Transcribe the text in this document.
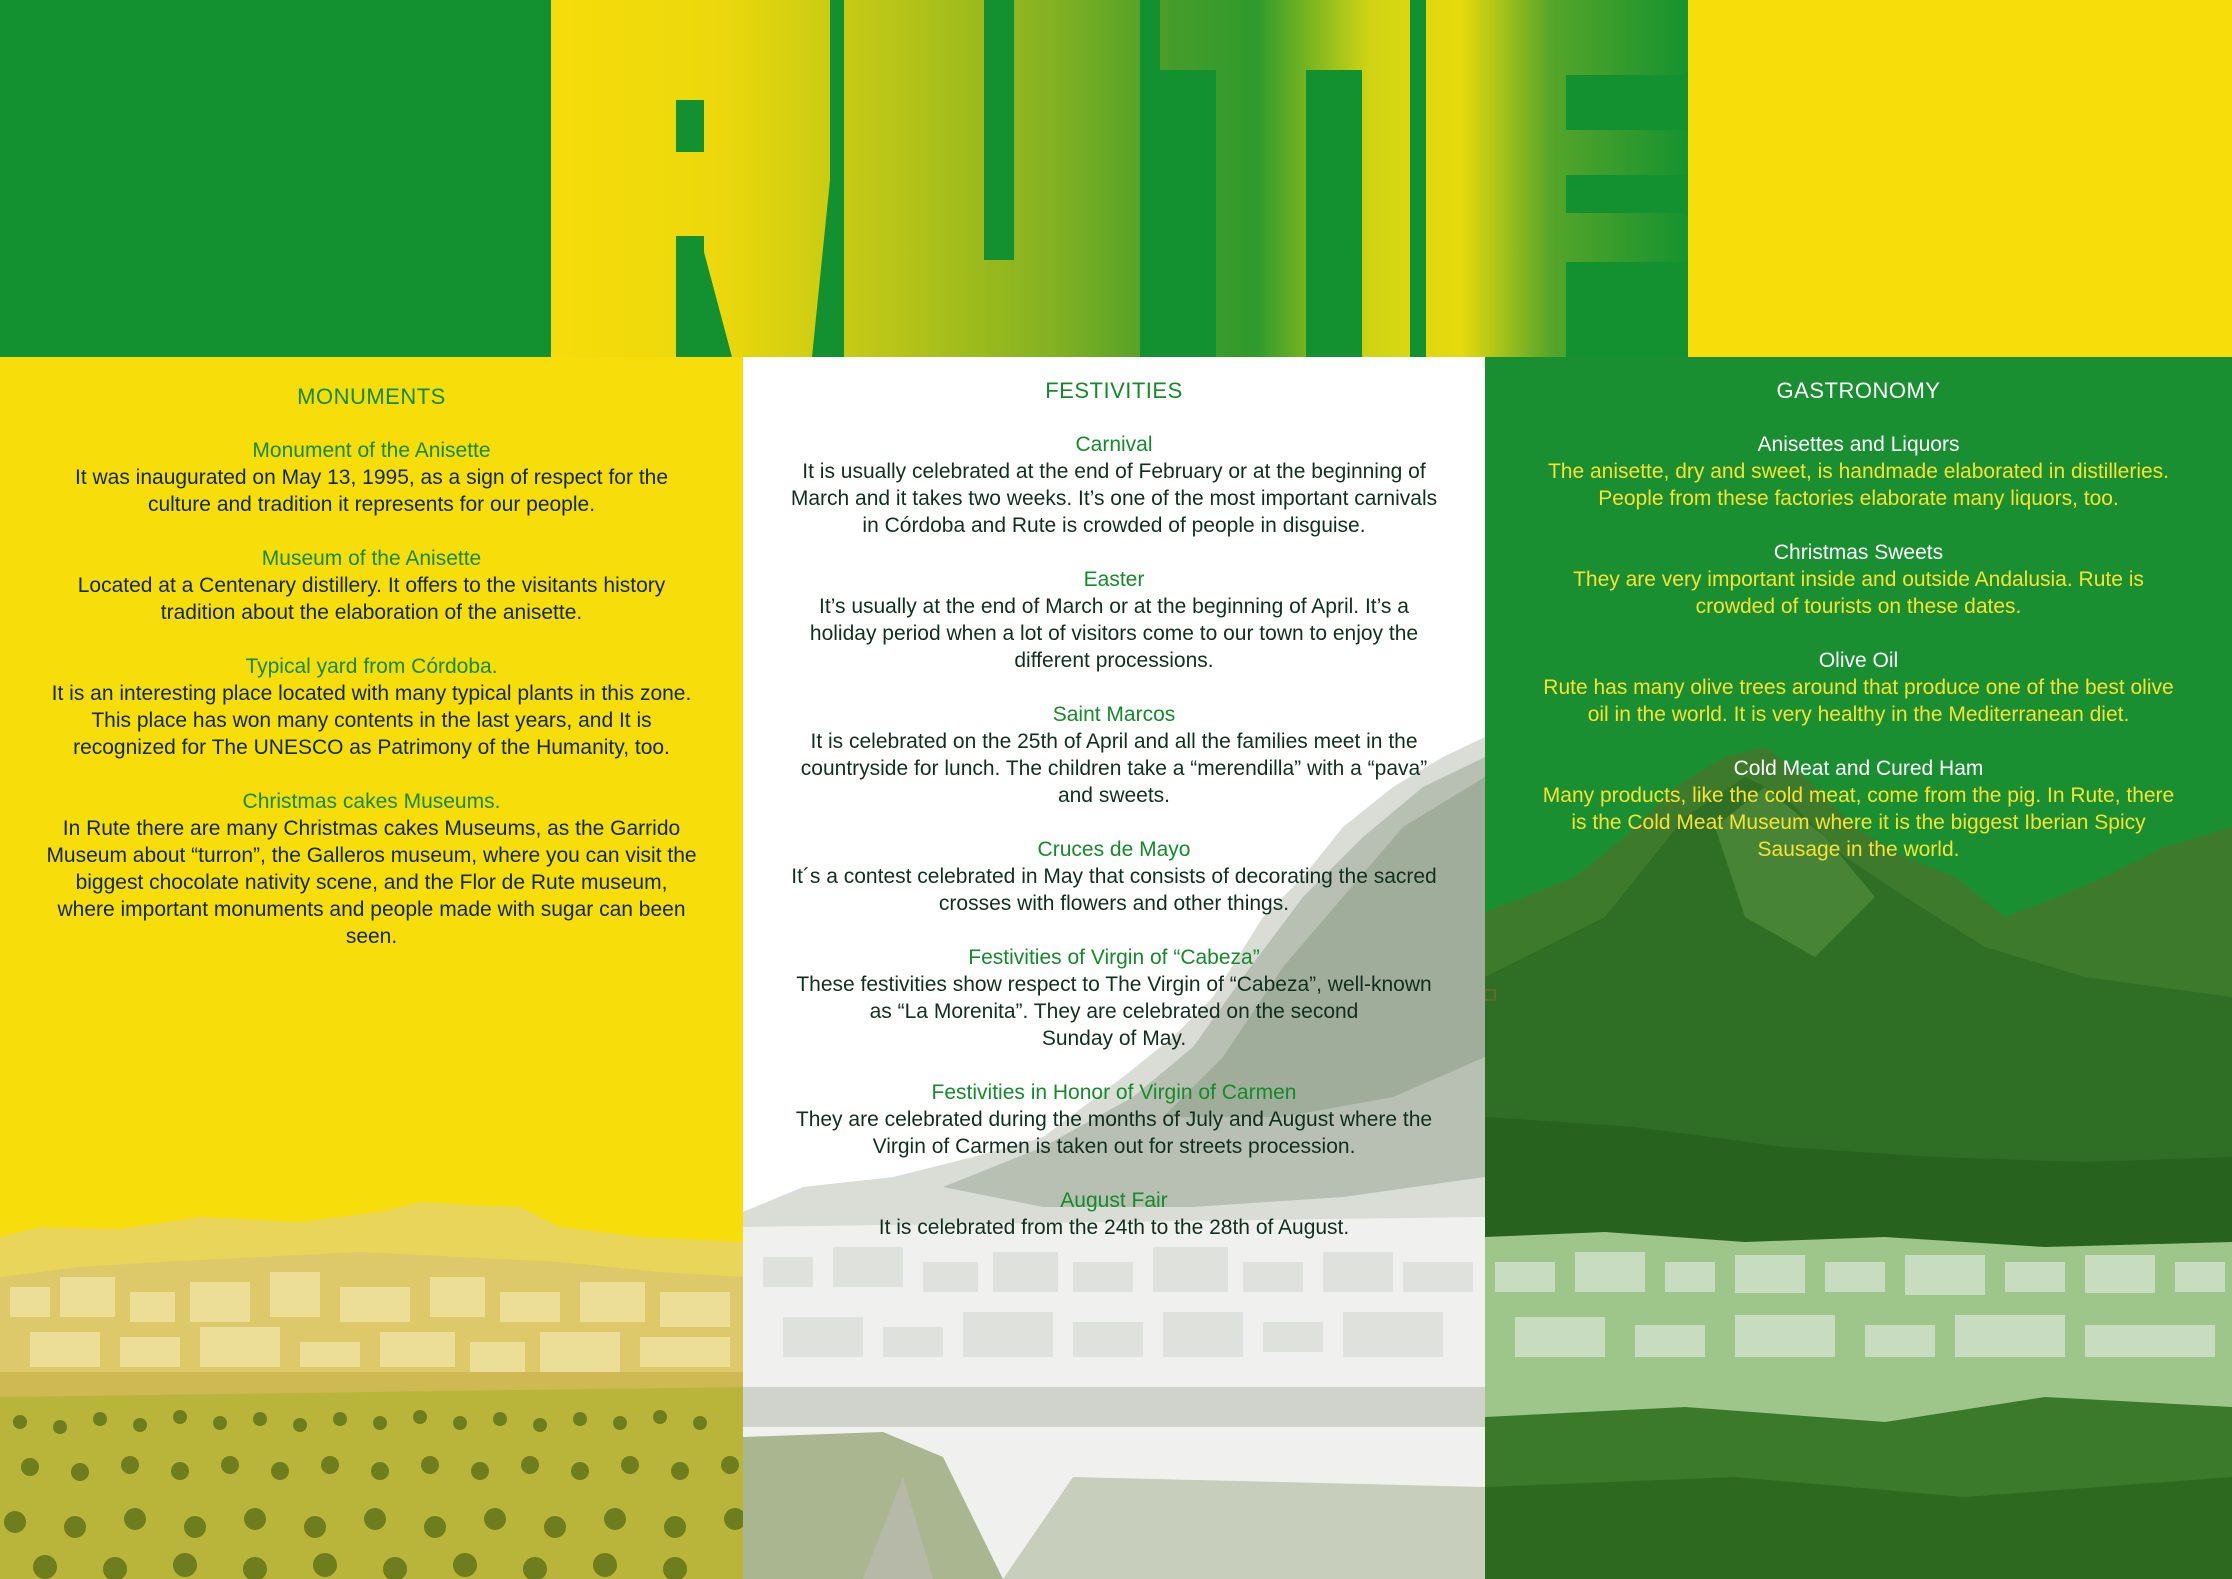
MONUMENTS
Monument of the Anisette
It was inaugurated on May 13, 1995, as a sign of respect for the
culture and tradition it represents for our people.
Museum of the Anisette
Located at a Centenary distillery. It offers to the visitants history
tradition about the elaboration of the anisette.
Typical yard from Córdoba.
It is an interesting place located with many typical plants in this zone.
This place has won many contents in the last years, and It is
recognized for The UNESCO as Patrimony of the Humanity, too.
Christmas cakes Museums.
In Rute there are many Christmas cakes Museums, as the Garrido
Museum about “turron”, the Galleros museum, where you can visit the
biggest chocolate nativity scene, and the Flor de Rute museum,
where important monuments and people made with sugar can been
seen.
FESTIVITIES
Carnival
It is usually celebrated at the end of February or at the beginning of
March and it takes two weeks. It’s one of the most important carnivals
in Córdoba and Rute is crowded of people in disguise.
Easter
It’s usually at the end of March or at the beginning of April. It’s a
holiday period when a lot of visitors come to our town to enjoy the
different processions.
Saint Marcos
It is celebrated on the 25th of April and all the families meet in the
countryside for lunch. The children take a “merendilla” with a “pava”
and sweets.
Cruces de Mayo
It´s a contest celebrated in May that consists of decorating the sacred
crosses with flowers and other things.
Festivities of Virgin of “Cabeza”
These festivities show respect to The Virgin of “Cabeza”, well-known
as “La Morenita”. They are celebrated on the second
Sunday of May.
Festivities in Honor of Virgin of Carmen
They are celebrated during the months of July and August where the
Virgin of Carmen is taken out for streets procession.
August Fair
It is celebrated from the 24th to the 28th of August.
GASTRONOMY
Anisettes and Liquors
The anisette, dry and sweet, is handmade elaborated in distilleries.
People from these factories elaborate many liquors, too.
Christmas Sweets
They are very important inside and outside Andalusia. Rute is
crowded of tourists on these dates.
Olive Oil
Rute has many olive trees around that produce one of the best olive
oil in the world. It is very healthy in the Mediterranean diet.
Cold Meat and Cured Ham
Many products, like the cold meat, come from the pig. In Rute, there
is the Cold Meat Museum where it is the biggest Iberian Spicy
Sausage in the world.
